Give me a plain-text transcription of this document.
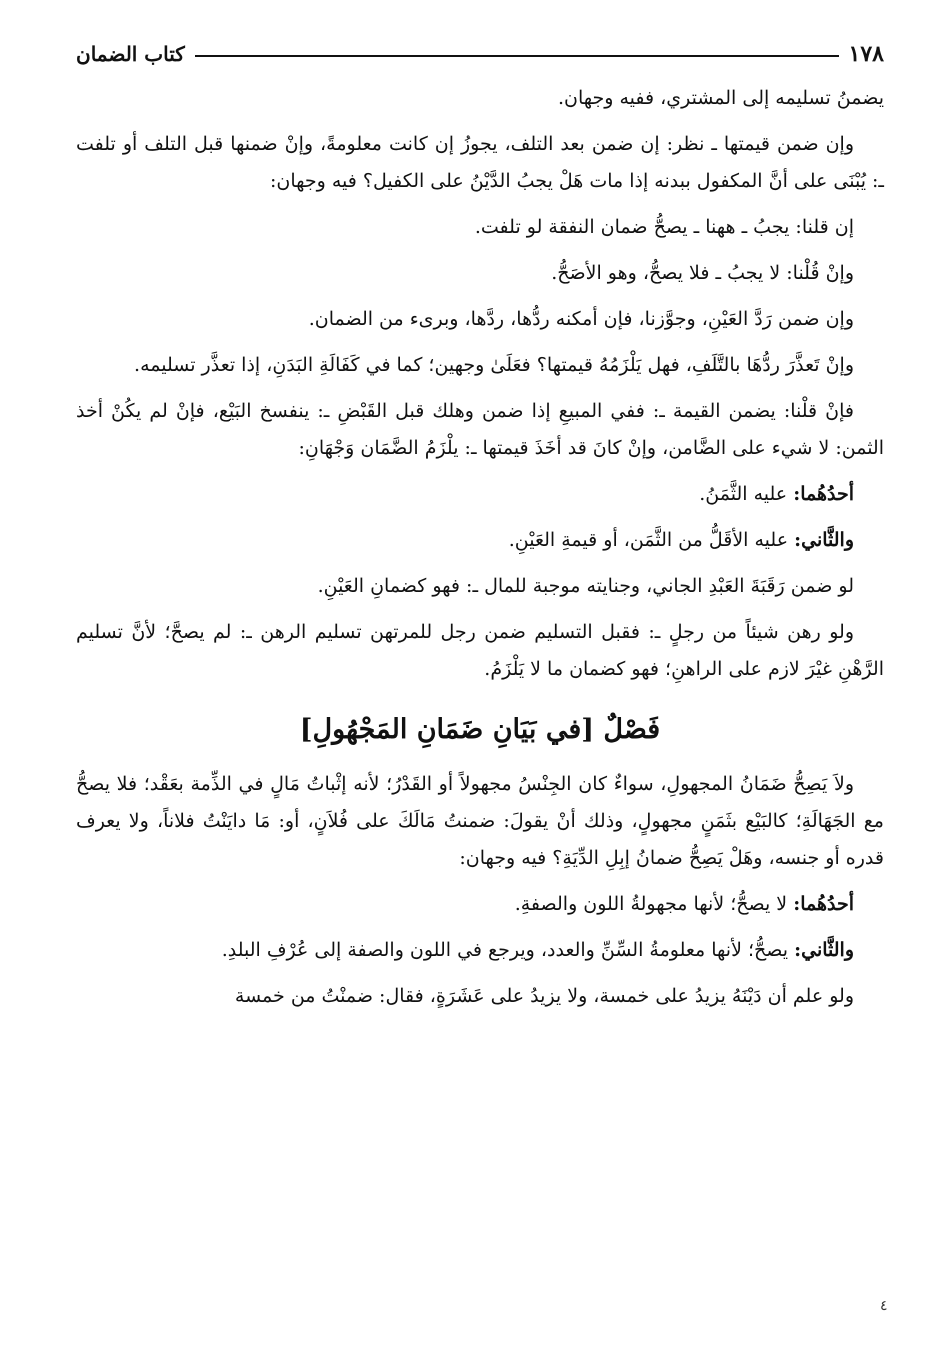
١٧٨
كتاب الضمان

يضمنُ تسليمه إلى المشتري، ففيه وجهان.

وإن ضمن قيمتها ـ نظر: إن ضمن بعد التلف، يجوزُ إن كانت معلومةً، وإنْ ضمنها قبل التلف أو تلفت ـ: يُبْنَى على أنَّ المكفول ببدنه إذا مات هَلْ يجبُ الدَّيْنُ على الكفيل؟ فيه وجهان:

إن قلنا: يجبُ ـ ههنا ـ يصحُّ ضمان النفقة لو تلفت.

وإنْ قُلْنا: لا يجبُ ـ فلا يصحُّ، وهو الأصَحُّ.

وإن ضمن رَدَّ العَيْنِ، وجوَّزنا، فإن أمكنه ردُّها، ردَّها، وبرىء من الضمان.

وإنْ تَعذَّرَ ردُّهَا بالتَّلَفِ، فهل يَلْزَمُهُ قيمتها؟ فعَلَىٰ وجهين؛ كما في كَفَالَةِ البَدَنِ، إذا تعذَّر تسليمه.

فإنْ قلْنا: يضمن القيمة ـ: ففي المبيعِ إذا ضمن وهلك قبل القَبْضِ ـ: ينفسخ البَيْع، فإنْ لم يكُنْ أخذ الثمن: لا شيء على الضَّامن، وإنْ كانَ قد أخَذَ قيمتها ـ: يلْزَمُ الضَّمَان وَجْهَانِ:

أحدُهُما: عليه الثَّمَنُ.

والثَّاني: عليه الأقَلُّ من الثَّمَن، أو قيمةِ العَيْنِ.

لو ضمن رَقَبَةَ العَبْدِ الجاني، وجنايته موجبة للمال ـ: فهو كضمانِ العَيْنِ.

ولو رهن شيئاً من رجلٍ ـ: فقبل التسليم ضمن رجل للمرتهن تسليم الرهن ـ: لم يصحَّ؛ لأنَّ تسليم الرَّهْنِ غيْرَ لازم على الراهنِ؛ فهو كضمان ما لا يَلْزَمُ.

فَصْلٌ [في بَيَانِ ضَمَانِ المَجْهُولِ]

ولاَ يَصِحُّ ضَمَانُ المجهولِ، سواءٌ كان الجِنْسُ مجهولاً أو القَدْرُ؛ لأنه إثْباتُ مَالٍ في الذِّمة بعَقْد؛ فلا يصحُّ مع الجَهَالَةِ؛ كالبَيْع بثَمَنٍ مجهولٍ، وذلك أنْ يقولَ: ضمنتُ مَالَكَ على فُلاَنٍ، أو: مَا دايَنْتُ فلاناً، ولا يعرف قدره أو جنسه، وهَلْ يَصِحُّ ضمانُ إبِلِ الدِّيَةِ؟ فيه وجهان:

أحدُهُما: لا يصحُّ؛ لأنها مجهولةُ اللون والصفةِ.

والثَّاني: يصحُّ؛ لأنها معلومةُ السِّنِّ والعدد، ويرجع في اللون والصفة إلى عُرْفِ البلدِ.

ولو علم أن دَيْنَهُ يزيدُ على خمسة، ولا يزيدُ على عَشَرَةٍ، فقال: ضمنْتُ من خمسة

٤
